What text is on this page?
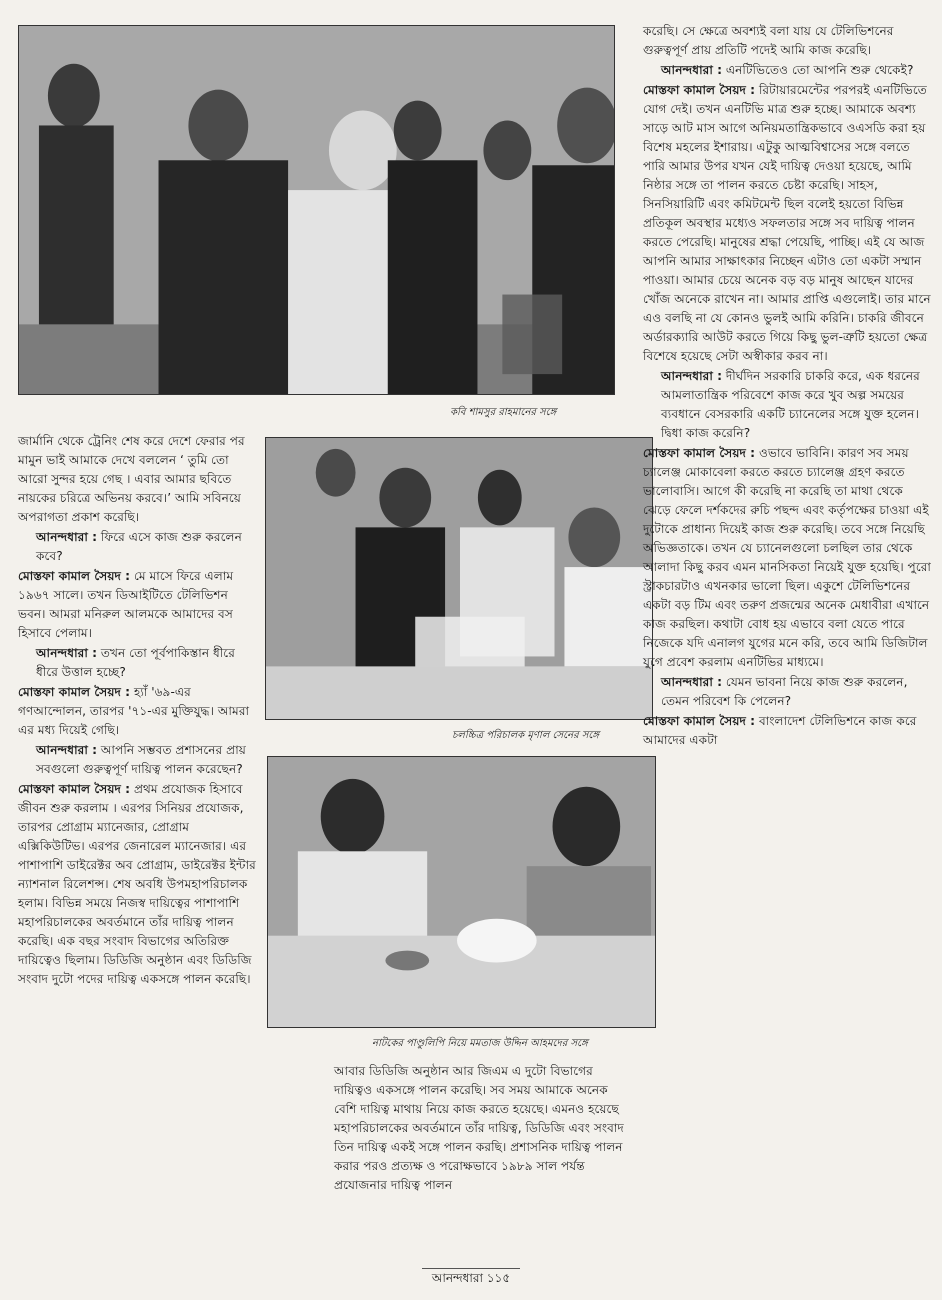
কবি শামসুর রাহমানের সঙ্গে
চলচ্চিত্র পরিচালক মৃণাল সেনের সঙ্গে
নাটকের পাণ্ডুলিপি নিয়ে মমতাজ উদ্দিন আহমদের সঙ্গে

জার্মানি থেকে ট্রেনিং শেষ করে দেশে ফেরার পর মামুন ভাই আমাকে দেখে বললেন ‘ তুমি তো আরো সুন্দর হয়ে গেছ । এবার আমার ছবিতে নায়কের চরিত্রে অভিনয় করবে।’ আমি সবিনয়ে অপরাগতা প্রকাশ করেছি।

আনন্দধারা : ফিরে এসে কাজ শুরু করলেন কবে?

মোস্তফা কামাল সৈয়দ : মে মাসে ফিরে এলাম ১৯৬৭ সালে। তখন ডিআইটিতে টেলিভিশন ভবন। আমরা মনিরুল আলমকে আমাদের বস হিসাবে পেলাম।

আনন্দধারা : তখন তো পূর্বপাকিস্তান ধীরে ধীরে উত্তাল হচ্ছে?

মোস্তফা কামাল সৈয়দ : হ্যাঁ '৬৯-এর গণআন্দোলন, তারপর '৭১-এর মুক্তিযুদ্ধ। আমরা এর মধ্য দিয়েই গেছি।

আনন্দধারা : আপনি সম্ভবত প্রশাসনের প্রায় সবগুলো গুরুত্বপূর্ণ দায়িত্ব পালন করেছেন?

মোস্তফা কামাল সৈয়দ : প্রথম প্রযোজক হিসাবে জীবন শুরু করলাম । এরপর সিনিয়র প্রযোজক, তারপর প্রোগ্রাম ম্যানেজার, প্রোগ্রাম এক্সিকিউটিভ। এরপর জেনারেল ম্যানেজার। এর পাশাপাশি ডাইরেক্টর অব প্রোগ্রাম, ডাইরেক্টর ইন্টার ন্যাশনাল রিলেশন্স। শেষ অবধি উপমহাপরিচালক হলাম। বিভিন্ন সময়ে নিজস্ব দায়িত্বের পাশাপাশি মহাপরিচালকের অবর্তমানে তাঁর দায়িত্ব পালন করেছি। এক বছর সংবাদ বিভাগের অতিরিক্ত দায়িত্বেও ছিলাম। ডিডিজি অনুষ্ঠান এবং ডিডিজি সংবাদ দুটো পদের দায়িত্ব একসঙ্গে পালন করেছি।

আবার ডিডিজি অনুষ্ঠান আর জিএম এ দুটো বিভাগের দায়িত্বও একসঙ্গে পালন করেছি। সব সময় আমাকে অনেক বেশি দায়িত্ব মাথায় নিয়ে কাজ করতে হয়েছে। এমনও হয়েছে মহাপরিচালকের অবর্তমানে তাঁর দায়িত্ব, ডিডিজি এবং সংবাদ তিন দায়িত্ব একই সঙ্গে পালন করছি। প্রশাসনিক দায়িত্ব পালন করার পরও প্রত্যক্ষ ও পরোক্ষভাবে ১৯৮৯ সাল পর্যন্ত প্রযোজনার দায়িত্ব পালন

করেছি। সে ক্ষেত্রে অবশ্যই বলা যায় যে টেলিভিশনের গুরুত্বপূর্ণ প্রায় প্রতিটি পদেই আমি কাজ করেছি।

আনন্দধারা : এনটিভিতেও তো আপনি শুরু থেকেই?

মোস্তফা কামাল সৈয়দ : রিটায়ারমেন্টের পরপরই এনটিভিতে যোগ দেই। তখন এনটিভি মাত্র শুরু হচ্ছে। আমাকে অবশ্য সাড়ে আট মাস আগে অনিয়মতান্ত্রিকভাবে ওএসডি করা হয় বিশেষ মহলের ইশারায়। এটুকু আত্মবিশ্বাসের সঙ্গে বলতে পারি আমার উপর যখন যেই দায়িত্ব দেওয়া হয়েছে, আমি নিষ্ঠার সঙ্গে তা পালন করতে চেষ্টা করেছি। সাহস, সিনসিয়ারিটি এবং কমিটমেন্ট ছিল বলেই হয়তো বিভিন্ন প্রতিকূল অবস্থার মধ্যেও সফলতার সঙ্গে সব দায়িত্ব পালন করতে পেরেছি। মানুষের শ্রদ্ধা পেয়েছি, পাচ্ছি। এই যে আজ আপনি আমার সাক্ষাৎকার নিচ্ছেন এটাও তো একটা সম্মান পাওয়া। আমার চেয়ে অনেক বড় বড় মানুষ আছেন যাদের খোঁজ অনেকে রাখেন না। আমার প্রাপ্তি এগুলোই। তার মানে এও বলছি না যে কোনও ভুলই আমি করিনি। চাকরি জীবনে অর্ডারক্যারি আউট করতে গিয়ে কিছু ভুল-ত্রুটি হয়তো ক্ষেত্র বিশেষে হয়েছে সেটা অস্বীকার করব না।

আনন্দধারা : দীর্ঘদিন সরকারি চাকরি করে, এক ধরনের আমলাতান্ত্রিক পরিবেশে কাজ করে খুব অল্প সময়ের ব্যবধানে বেসরকারি একটি চ্যানেলের সঙ্গে যুক্ত হলেন। দ্বিধা কাজ করেনি?

মোস্তফা কামাল সৈয়দ : ওভাবে ভাবিনি। কারণ সব সময় চ্যালেঞ্জ মোকাবেলা করতে করতে চ্যালেঞ্জ গ্রহণ করতে ভালোবাসি। আগে কী করেছি না করেছি তা মাথা থেকে ঝেড়ে ফেলে দর্শকদের রুচি পছন্দ এবং কর্তৃপক্ষের চাওয়া এই দুটোকে প্রাধান্য দিয়েই কাজ শুরু করেছি। তবে সঙ্গে নিয়েছি অভিজ্ঞতাকে। তখন যে চ্যানেলগুলো চলছিল তার থেকে আলাদা কিছু করব এমন মানসিকতা নিয়েই যুক্ত হয়েছি। পুরো স্ট্রাকচারটাও এখনকার ভালো ছিল। একুশে টেলিভিশনের একটা বড় টিম এবং তরুণ প্রজন্মের অনেক মেধাবীরা এখানে কাজ করছিল। কথাটা বোধ হয় এভাবে বলা যেতে পারে নিজেকে যদি এনালগ যুগের মনে করি, তবে আমি ডিজিটাল যুগে প্রবেশ করলাম এনটিভির মাধ্যমে।

আনন্দধারা : যেমন ভাবনা নিয়ে কাজ শুরু করলেন, তেমন পরিবেশ কি পেলেন?

মোস্তফা কামাল সৈয়দ : বাংলাদেশ টেলিভিশনে কাজ করে আমাদের একটা

আনন্দধারা ১১৫
